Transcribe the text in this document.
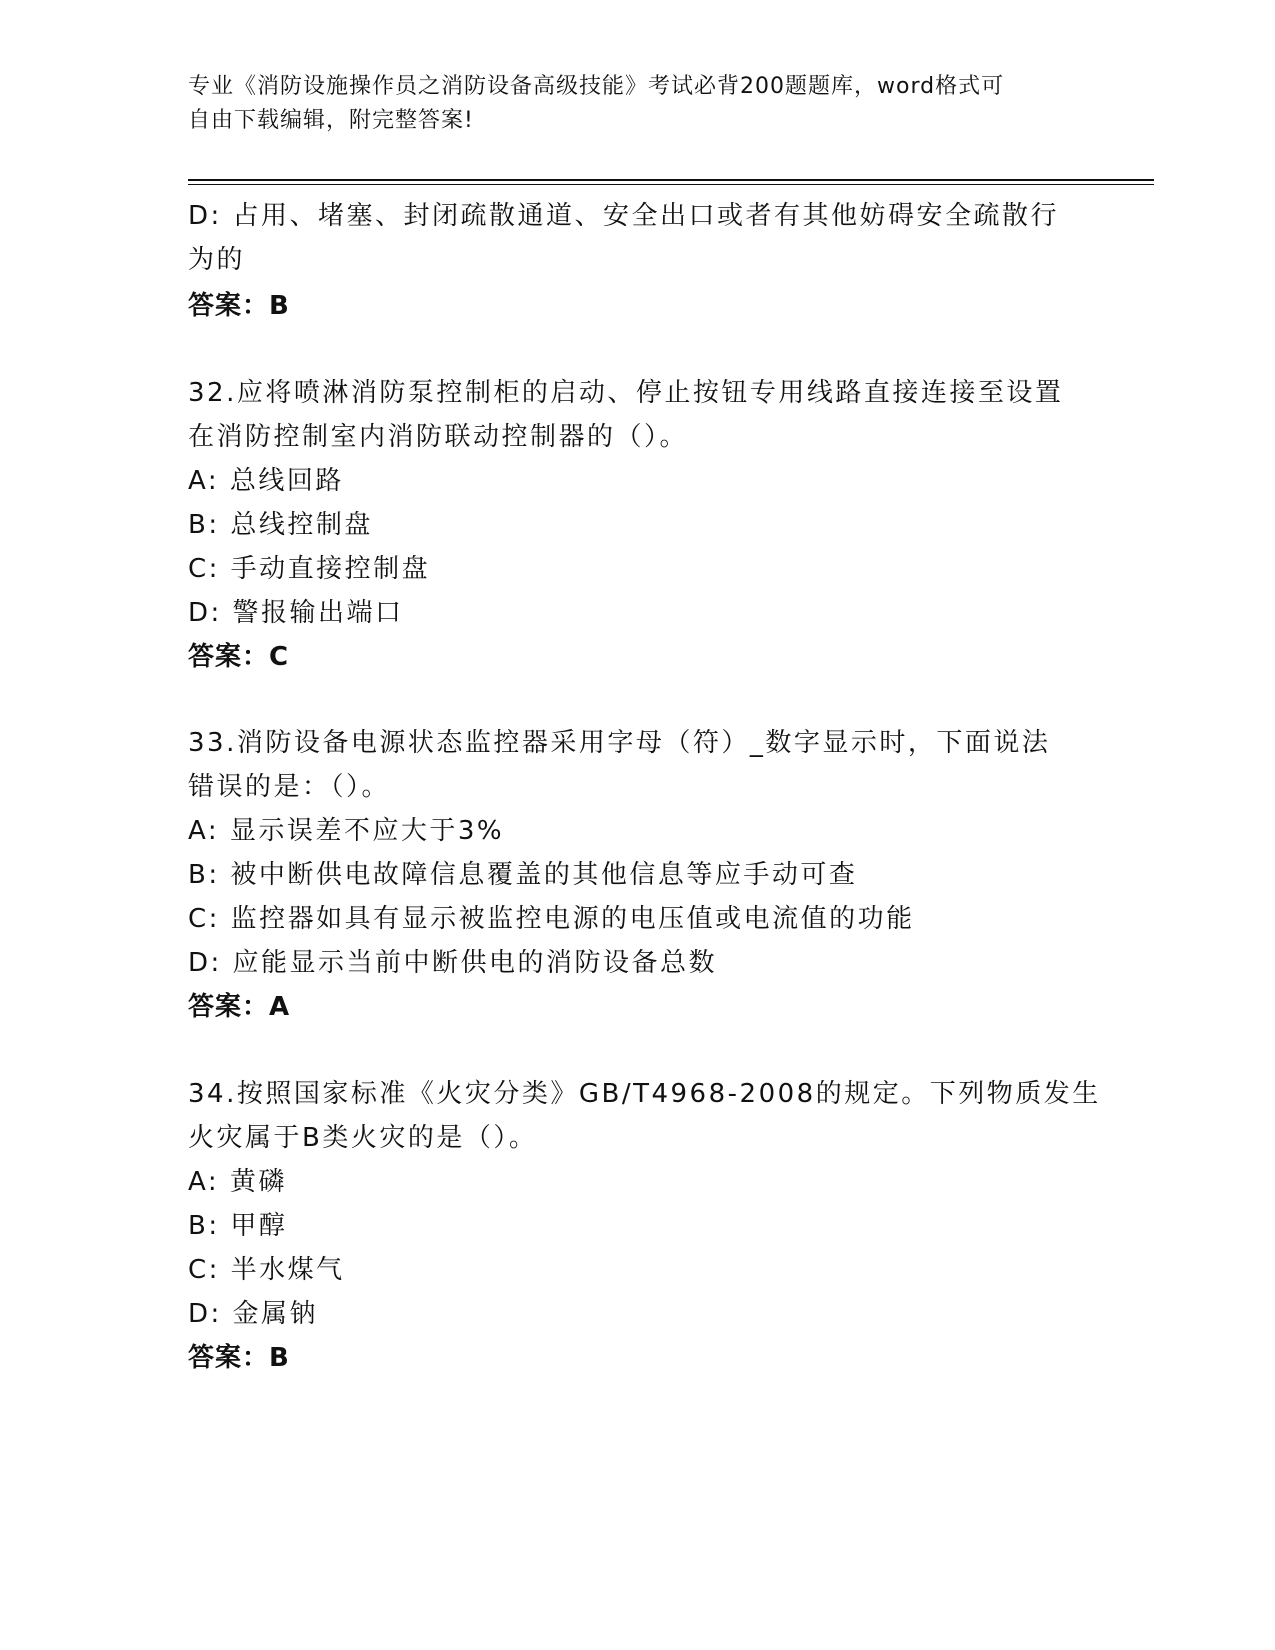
专业《消防设施操作员之消防设备高级技能》考试必背200题题库，word格式可
自由下载编辑，附完整答案!
D: 占用、堵塞、封闭疏散通道、安全出口或者有其他妨碍安全疏散行
为的
答案：B
32.应将喷淋消防泵控制柜的启动、停止按钮专用线路直接连接至设置
在消防控制室内消防联动控制器的（）。
A: 总线回路
B: 总线控制盘
C: 手动直接控制盘
D: 警报输出端口
答案：C
33.消防设备电源状态监控器采用字母（符）_数字显示时，下面说法
错误的是：（）。
A: 显示误差不应大于3%
B: 被中断供电故障信息覆盖的其他信息等应手动可查
C: 监控器如具有显示被监控电源的电压值或电流值的功能
D: 应能显示当前中断供电的消防设备总数
答案：A
34.按照国家标准《火灾分类》GB/T4968-2008的规定。下列物质发生
火灾属于B类火灾的是（）。
A: 黄磷
B: 甲醇
C: 半水煤气
D: 金属钠
答案：B
